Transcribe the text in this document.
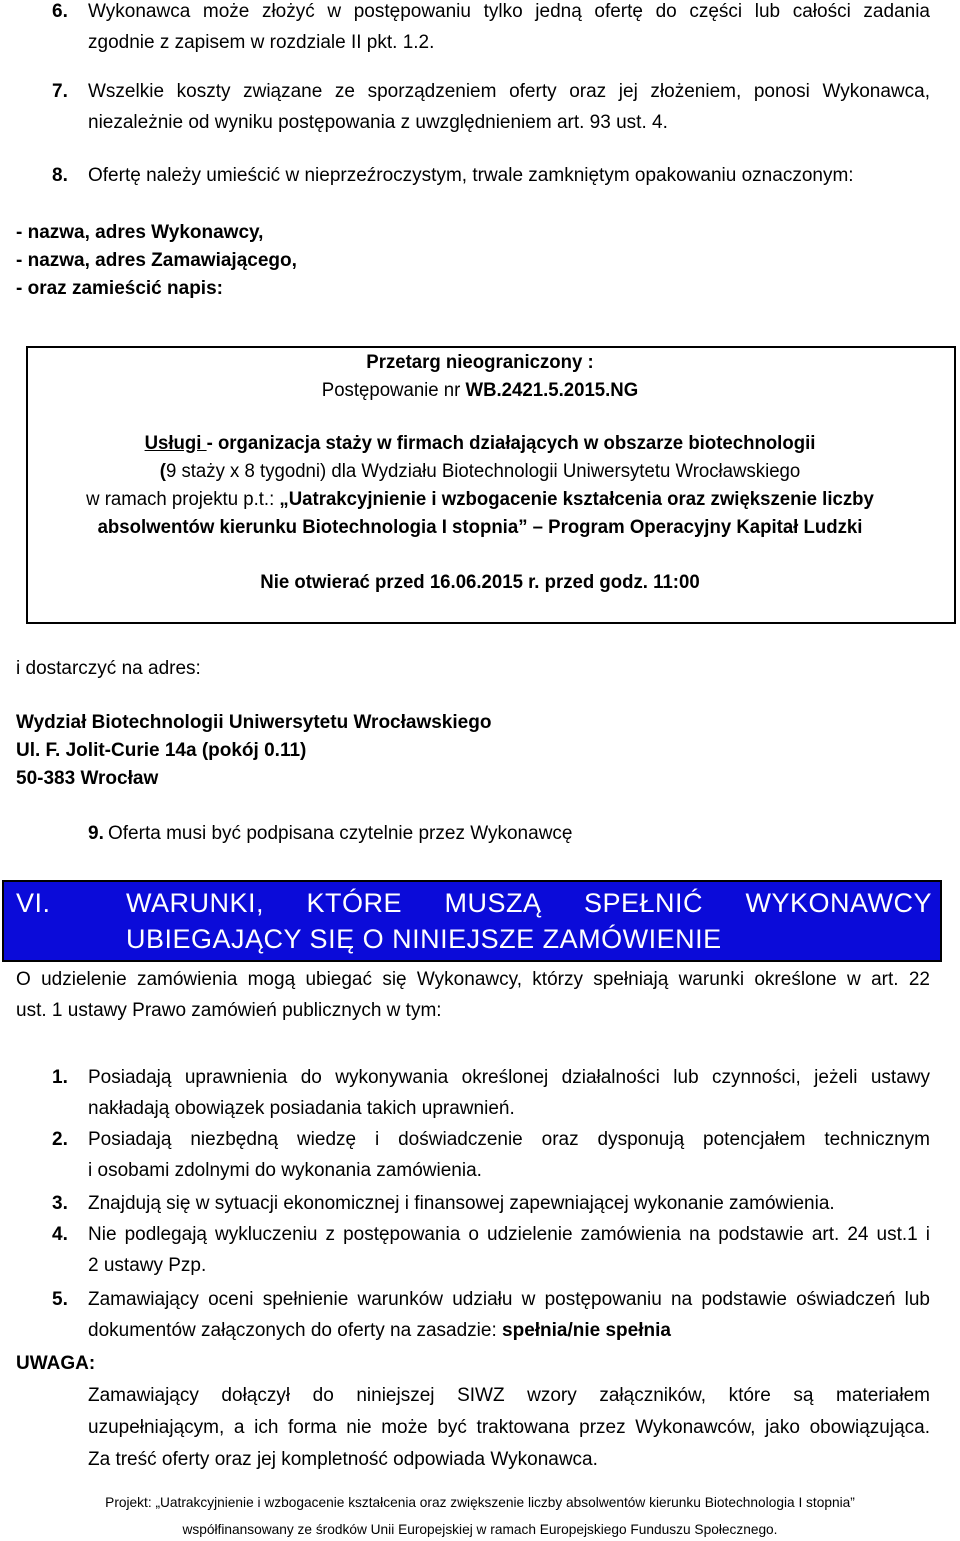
6. Wykonawca może złożyć w postępowaniu tylko jedną ofertę do części lub całości zadania
zgodnie z zapisem w rozdziale II pkt. 1.2.
7. Wszelkie koszty związane ze sporządzeniem oferty oraz jej złożeniem, ponosi Wykonawca,
niezależnie od wyniku postępowania z uwzględnieniem art. 93 ust. 4.
8. Ofertę należy umieścić w nieprzeźroczystym, trwale zamkniętym opakowaniu oznaczonym:
- nazwa, adres Wykonawcy,
- nazwa, adres Zamawiającego,
- oraz zamieścić napis:
Przetarg nieograniczony :
Postępowanie nr WB.2421.5.2015.NG
Usługi - organizacja staży w firmach działających w obszarze biotechnologii
(9 staży x 8 tygodni) dla Wydziału Biotechnologii Uniwersytetu Wrocławskiego
w ramach projektu p.t.: „Uatrakcyjnienie i wzbogacenie kształcenia oraz zwiększenie liczby
absolwentów kierunku Biotechnologia I stopnia” – Program Operacyjny Kapitał Ludzki
Nie otwierać przed 16.06.2015 r. przed godz. 11:00
i dostarczyć na adres:
Wydział Biotechnologii Uniwersytetu Wrocławskiego
Ul. F. Jolit-Curie 14a (pokój 0.11)
50-383 Wrocław
9. Oferta musi być podpisana czytelnie przez Wykonawcę
VI.	WARUNKI, KTÓRE MUSZĄ SPEŁNIĆ WYKONAWCY
UBIEGAJĄCY SIĘ O NINIEJSZE ZAMÓWIENIE
O udzielenie zamówienia mogą ubiegać się Wykonawcy, którzy spełniają warunki określone w art. 22
ust. 1 ustawy Prawo zamówień publicznych w tym:
1. Posiadają uprawnienia do wykonywania określonej działalności lub czynności, jeżeli ustawy
nakładają obowiązek posiadania takich uprawnień.
2. Posiadają niezbędną wiedzę i doświadczenie oraz dysponują potencjałem technicznym
i osobami zdolnymi do wykonania zamówienia.
3. Znajdują się w sytuacji ekonomicznej i finansowej zapewniającej wykonanie zamówienia.
4. Nie podlegają wykluczeniu z postępowania o udzielenie zamówienia na podstawie art. 24 ust.1 i
2 ustawy Pzp.
5. Zamawiający oceni spełnienie warunków udziału w postępowaniu na podstawie oświadczeń lub
dokumentów załączonych do oferty na zasadzie: spełnia/nie spełnia
UWAGA:
Zamawiający dołączył do niniejszej SIWZ wzory załączników, które są materiałem
uzupełniającym, a ich forma nie może być traktowana przez Wykonawców, jako obowiązująca.
Za treść oferty oraz jej kompletność odpowiada Wykonawca.
Projekt: „Uatrakcyjnienie i wzbogacenie kształcenia oraz zwiększenie liczby absolwentów kierunku Biotechnologia I stopnia”
współfinansowany ze środków Unii Europejskiej w ramach Europejskiego Funduszu Społecznego.
